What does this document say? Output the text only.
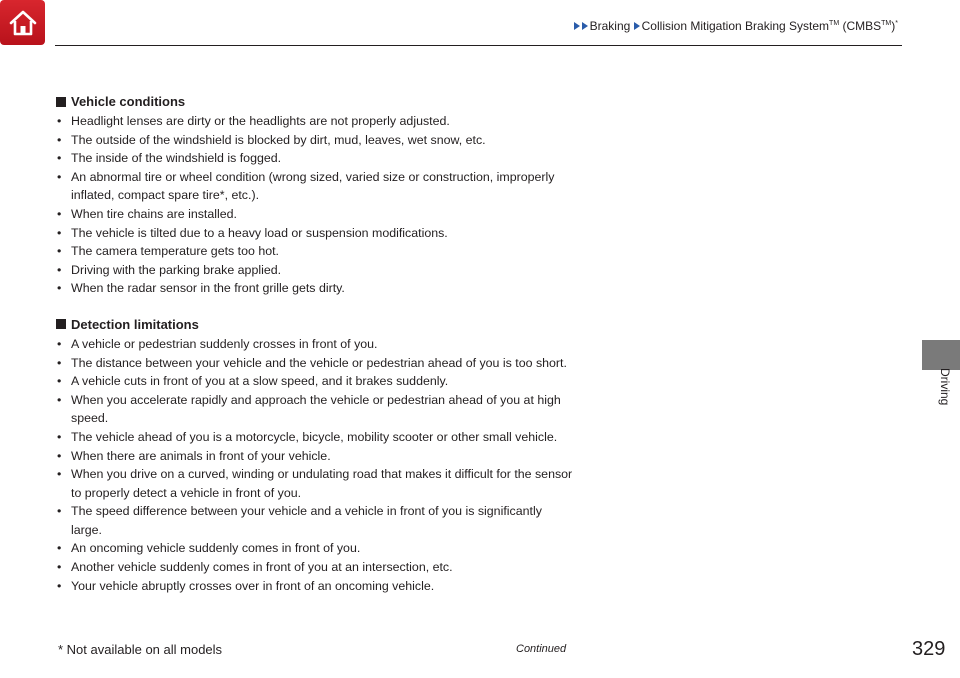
Braking Collision Mitigation Braking System™ (CMBS™)*
Driving
Vehicle conditions
• Headlight lenses are dirty or the headlights are not properly adjusted.
• The outside of the windshield is blocked by dirt, mud, leaves, wet snow, etc.
• The inside of the windshield is fogged.
• An abnormal tire or wheel condition (wrong sized, varied size or construction, improperly inflated, compact spare tire*, etc.).
• When tire chains are installed.
• The vehicle is tilted due to a heavy load or suspension modifications.
• The camera temperature gets too hot.
• Driving with the parking brake applied.
• When the radar sensor in the front grille gets dirty.
Detection limitations
• A vehicle or pedestrian suddenly crosses in front of you.
• The distance between your vehicle and the vehicle or pedestrian ahead of you is too short.
• A vehicle cuts in front of you at a slow speed, and it brakes suddenly.
• When you accelerate rapidly and approach the vehicle or pedestrian ahead of you at high speed.
• The vehicle ahead of you is a motorcycle, bicycle, mobility scooter or other small vehicle.
• When there are animals in front of your vehicle.
• When you drive on a curved, winding or undulating road that makes it difficult for the sensor to properly detect a vehicle in front of you.
• The speed difference between your vehicle and a vehicle in front of you is significantly large.
• An oncoming vehicle suddenly comes in front of you.
• Another vehicle suddenly comes in front of you at an intersection, etc.
• Your vehicle abruptly crosses over in front of an oncoming vehicle.
* Not available on all models	Continued	329
